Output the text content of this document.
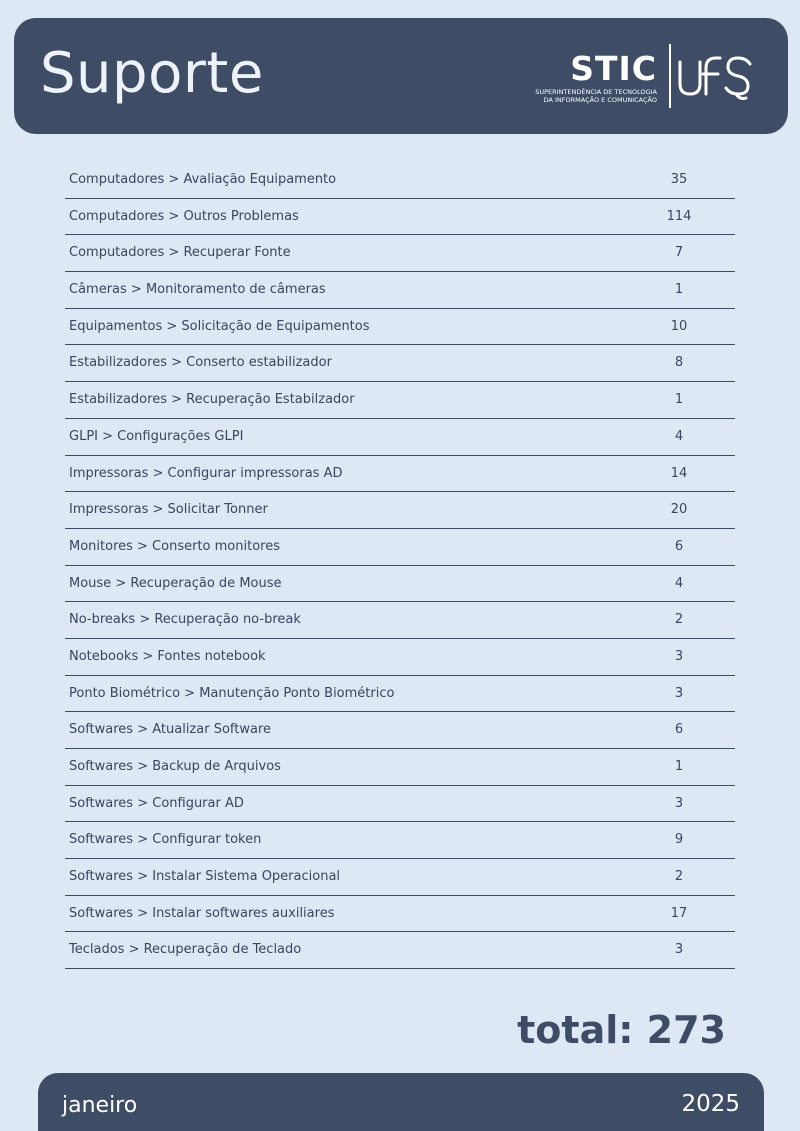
Suporte	STIC
SUPERINTENDÊNCIA DE TECNOLOGIA
DA INFORMAÇÃO E COMUNICAÇÃO
Computadores > Avaliação Equipamento	35
Computadores > Outros Problemas	114
Computadores > Recuperar Fonte	7
Câmeras > Monitoramento de câmeras	1
Equipamentos > Solicitação de Equipamentos	10
Estabilizadores > Conserto estabilizador	8
Estabilizadores > Recuperação Estabilzador	1
GLPI > Configurações GLPI	4
Impressoras > Configurar impressoras AD	14
Impressoras > Solicitar Tonner	20
Monitores > Conserto monitores	6
Mouse > Recuperação de Mouse	4
No-breaks > Recuperação no-break	2
Notebooks > Fontes notebook	3
Ponto Biométrico > Manutenção Ponto Biométrico	3
Softwares > Atualizar Software	6
Softwares > Backup de Arquivos	1
Softwares > Configurar AD	3
Softwares > Configurar token	9
Softwares > Instalar Sistema Operacional	2
Softwares > Instalar softwares auxiliares	17
Teclados > Recuperação de Teclado	3
total: 273
janeiro	2025
